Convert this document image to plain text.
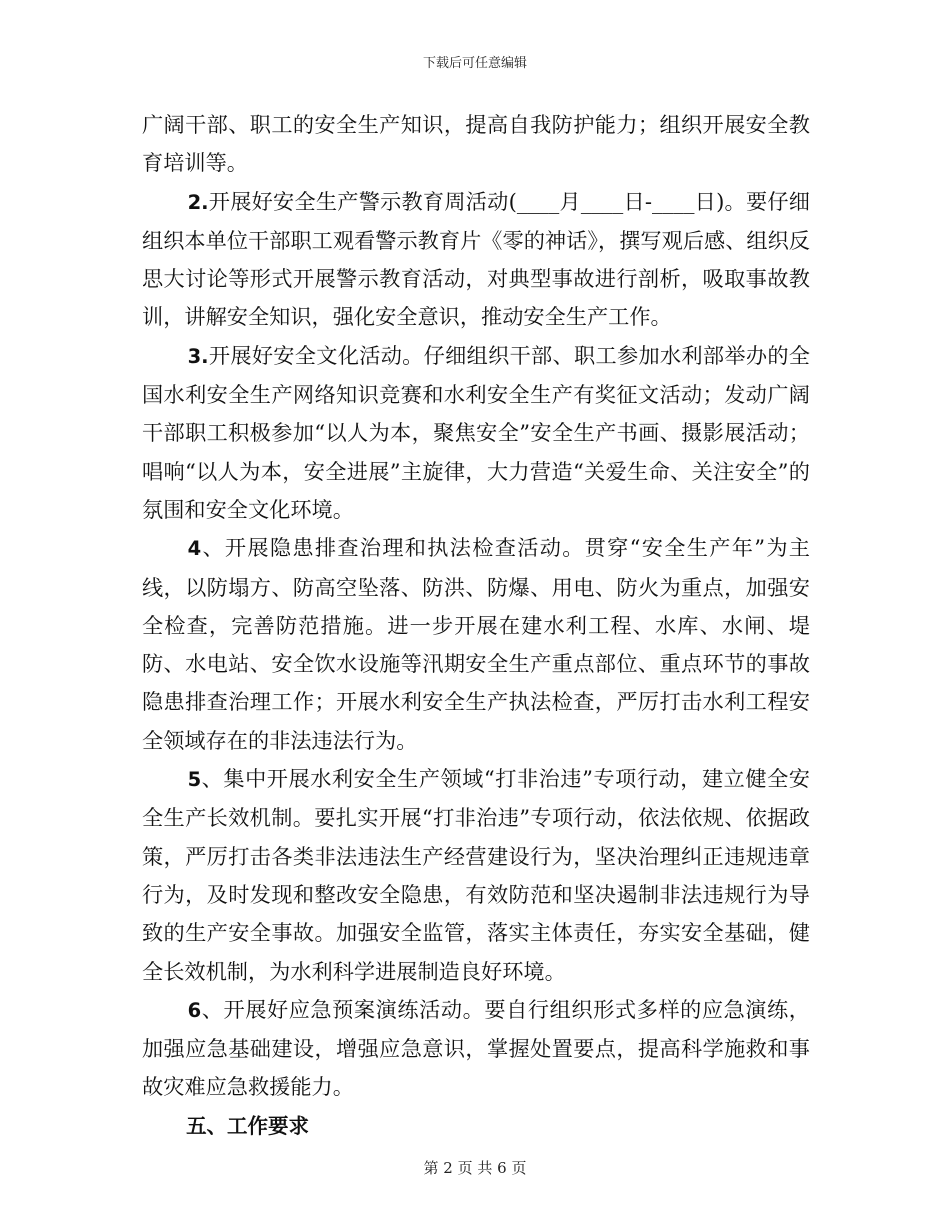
下载后可任意编辑

广阔干部、职工的安全生产知识，提高自我防护能力；组织开展安全教育培训等。

2.开展好安全生产警示教育周活动(____月____日-____日)。要仔细组织本单位干部职工观看警示教育片《零的神话》，撰写观后感、组织反思大讨论等形式开展警示教育活动，对典型事故进行剖析，吸取事故教训，讲解安全知识，强化安全意识，推动安全生产工作。

3.开展好安全文化活动。仔细组织干部、职工参加水利部举办的全国水利安全生产网络知识竞赛和水利安全生产有奖征文活动；发动广阔干部职工积极参加“以人为本，聚焦安全”安全生产书画、摄影展活动；唱响“以人为本，安全进展”主旋律，大力营造“关爱生命、关注安全”的氛围和安全文化环境。

4、开展隐患排查治理和执法检查活动。贯穿“安全生产年”为主线，以防塌方、防高空坠落、防洪、防爆、用电、防火为重点，加强安全检查，完善防范措施。进一步开展在建水利工程、水库、水闸、堤防、水电站、安全饮水设施等汛期安全生产重点部位、重点环节的事故隐患排查治理工作；开展水利安全生产执法检查，严厉打击水利工程安全领域存在的非法违法行为。

5、集中开展水利安全生产领域“打非治违”专项行动，建立健全安全生产长效机制。要扎实开展“打非治违”专项行动，依法依规、依据政策，严厉打击各类非法违法生产经营建设行为，坚决治理纠正违规违章行为，及时发现和整改安全隐患，有效防范和坚决遏制非法违规行为导致的生产安全事故。加强安全监管，落实主体责任，夯实安全基础，健全长效机制，为水利科学进展制造良好环境。

6、开展好应急预案演练活动。要自行组织形式多样的应急演练，加强应急基础建设，增强应急意识，掌握处置要点，提高科学施救和事故灾难应急救援能力。

五、工作要求

第 2 页 共 6 页
